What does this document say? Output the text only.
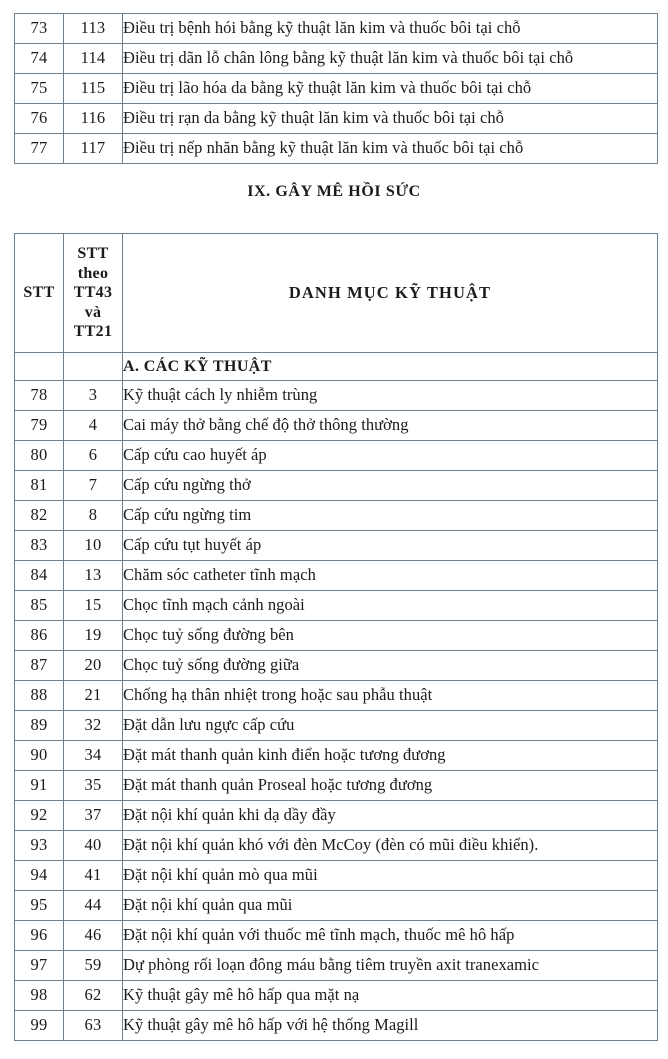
73	113	Điều trị bệnh hói bằng kỹ thuật lăn kim và thuốc bôi tại chỗ
74	114	Điều trị dãn lỗ chân lông bằng kỹ thuật lăn kim và thuốc bôi tại chỗ
75	115	Điều trị lão hóa da bằng kỹ thuật lăn kim và thuốc bôi tại chỗ
76	116	Điều trị rạn da bằng kỹ thuật lăn kim và thuốc bôi tại chỗ
77	117	Điều trị nếp nhăn bằng kỹ thuật lăn kim và thuốc bôi tại chỗ
IX. GÂY MÊ HỒI SỨC
STT	STT theo TT43 và TT21	DANH MỤC KỸ THUẬT
		A. CÁC KỸ THUẬT
78	3	Kỹ thuật cách ly nhiễm trùng
79	4	Cai máy thở bằng chế độ thở thông thường
80	6	Cấp cứu cao huyết áp
81	7	Cấp cứu ngừng thở
82	8	Cấp cứu ngừng tim
83	10	Cấp cứu tụt huyết áp
84	13	Chăm sóc catheter tĩnh mạch
85	15	Chọc tĩnh mạch cảnh ngoài
86	19	Chọc tuỷ sống đường bên
87	20	Chọc tuỷ sống đường giữa
88	21	Chống hạ thân nhiệt trong hoặc sau phẫu thuật
89	32	Đặt dẫn lưu ngực cấp cứu
90	34	Đặt mát thanh quản kinh điển hoặc tương đương
91	35	Đặt mát thanh quản Proseal hoặc tương đương
92	37	Đặt nội khí quản khi dạ dầy đầy
93	40	Đặt nội khí quản khó với đèn McCoy (đèn có mũi điều khiển).
94	41	Đặt nội khí quản mò qua mũi
95	44	Đặt nội khí quản qua mũi
96	46	Đặt nội khí quản với thuốc mê tĩnh mạch, thuốc mê hô hấp
97	59	Dự phòng rối loạn đông máu bằng tiêm truyền axit tranexamic
98	62	Kỹ thuật gây mê hô hấp qua mặt nạ
99	63	Kỹ thuật gây mê hô hấp với hệ thống Magill
